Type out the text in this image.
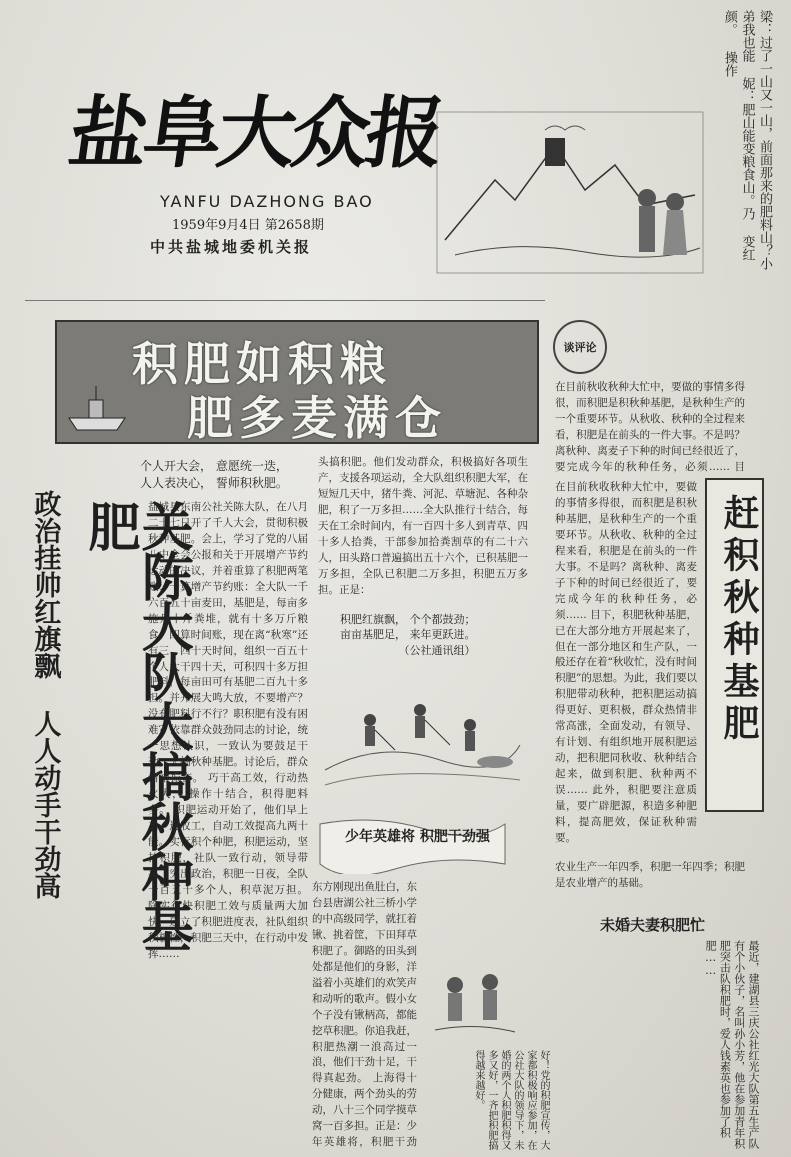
盐阜大众报
YANFU DAZHONG BAO
1959年9月4日 第2658期
中共盐城地委机关报	梁：过了一山又一山，前面那来的肥料山？小弟我也能 妮：肥山能变粮食山。乃 变红颜。 操作
积肥如积粮
肥多麦满仓
个人开大会， 意愿统一迭，
人人表决心， 誓师积秋肥。
关陈大队大搞秋种基肥
政治挂帅红旗飘 人人动手干劲高	盐城县东南公社关陈大队，在八月二十七日开了千人大会，贯彻积极秋种基肥。会上，学习了党的八届八中全会公报和关于开展增产节约运动的决议，并着重算了积肥两笔账：一算增产节约账：全大队一千六百五十亩麦田，基肥是，每亩多施几十斤粪堆，就有十多万斤粮食。四算时间账，现在离“秋寒”还有三、四十天时间，组织一百五十个人大干四十天，可积四十多万担肥料，每亩田可有基肥二百九十多担。并开展大鸣大放，不要增产？没有肥料行不行？职积肥有没有困难？依靠群众鼓劲同志的讨论，统一思想认识，一致认为要鼓足干劲，大搞秋种基肥。讨论后，群众情绪振奋。 巧干高工效，行动热火大， 操作十结合，积得肥料多。 积肥运动开始了，他们早上工，迟收工，自动工效提高九两十能。实行积个种肥，积肥运动，坚持积肥，社队一致行动，领导带头，突出政治，积肥一日夜，全队一百五十多个人，积草泥万担。 除实行快积肥工效与质量两大加快，建立了积肥进度表，社队组织积极性，积肥三天中，在行动中发挥……
头搞积肥。他们发动群众，积极搞好各项生产，支援各项运动，全大队组织积肥大军，在短短几天中，猪牛粪、河泥、草塘泥、各种杂肥，积了一万多担……全大队推行十结合，每天在工余时间内，有一百四十多人到青草、四十多人拾粪，干部参加拾粪割草的有二十六人，田头路口普遍搞出五十六个，已积基肥一万多担，全队已积肥二万多担，积肥五万多担。正是：
积肥红旗飘， 个个都鼓劲；
亩亩基肥足， 来年更跃进。
（公社通讯组）
少年英雄将 积肥干劲强
东方刚现出鱼肚白，东台县唐湖公社三桥小学的中高级同学，就扛着锹、挑着筐，下田拜草积肥了。御路的田头到处都是他们的身影，洋溢着小英雄们的欢笑声和动听的歌声。假小女个子没有锹柄高，都能挖草积肥。你追我赶，积肥热潮一浪高过一浪，他们干劲十足，干得真起劲。 上海得十分健康，两个劲头的劳动，八十三个同学摸草窝一百多担。正是：少年英雄将，积肥干劲
谈评论
在目前秋收秋种大忙中，要做的事情多得很，而积肥是积秋种基肥，是秋种生产的一个重要环节。从秋收、秋种的全过程来看，积肥是在前头的一件大事。不是吗？离秋种、离麦子下种的时间已经很近了，要完成今年的秋种任务，必须…… 目
赶积秋种基肥
在目前秋收秋种大忙中，要做的事情多得很，而积肥是积秋种基肥，是秋种生产的一个重要环节。从秋收、秋种的全过程来看，积肥是在前头的一件大事。不是吗？离秋种、离麦子下种的时间已经很近了，要完成今年的秋种任务，必须…… 目下，积肥秋种基肥，已在大部分地方开展起来了，但在一部分地区和生产队，一般还存在着“秋收忙，没有时间积肥”的思想。为此，我们要以积肥带动秋种，把积肥运动搞得更好、更积极，群众热情非常高涨，全面发动，有领导、有计划、有组织地开展积肥运动，把积肥同秋收、秋种结合起来，做到积肥、秋种两不误…… 此外，积肥要注意质量，要广辟肥源，积造多种肥料，提高肥效，保证秋种需要。
农业生产一年四季，积肥一年四季；积肥是农业增产的基础。
未婚夫妻积肥忙
最近，建湖县三庆公社红光大队第五生产队有个小伙子，名叫孙小芳，他在参加青年积肥突击队积肥时，爱人钱素英也参加了积肥……
好！党的积肥宣传，大家都积极响应参加，在公社大队的领导下，未婚的两个人积肥积得又多又好，一齐把积肥搞得越来越好。
